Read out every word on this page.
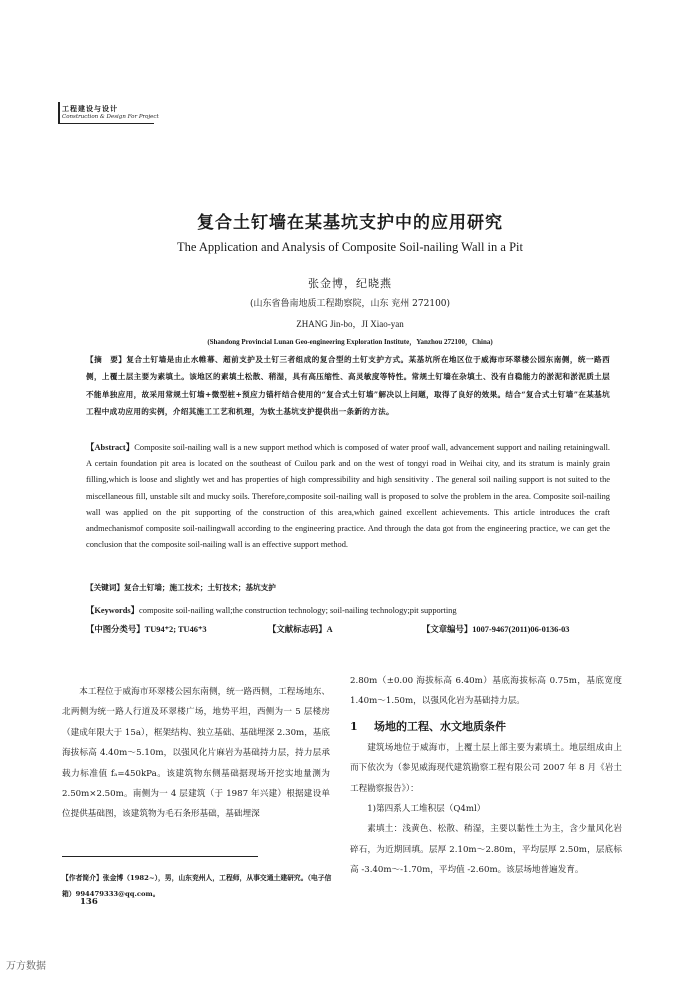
工程建设与设计
Construction & Design For Project
复合土钉墙在某基坑支护中的应用研究
The Application and Analysis of Composite Soil-nailing Wall in a Pit
张金博，纪晓燕
(山东省鲁南地质工程勘察院，山东 兖州 272100)
ZHANG Jin-bo，JI Xiao-yan
(Shandong Provincial Lunan Geo-engineering Exploration Institute，Yanzhou 272100，China)
【摘　要】复合土钉墙是由止水帷幕、超前支护及土钉三者组成的复合型的土钉支护方式。某基坑所在地区位于威海市环翠楼公园东南侧，统一路西侧，上覆土层主要为素填土。该地区的素填土松散、稍湿，具有高压缩性、高灵敏度等特性。常规土钉墙在杂填土、没有自稳能力的淤泥和淤泥质土层不能单独应用，故采用常规土钉墙+微型桩+预应力锚杆结合使用的“复合式土钉墙”解决以上问题，取得了良好的效果。结合“复合式土钉墙”在某基坑工程中成功应用的实例，介绍其施工工艺和机理，为软土基坑支护提供出一条新的方法。
【Abstract】Composite soil-nailing wall is a new support method which is composed of water proof wall, advancement support and nailing retainingwall. A certain foundation pit area is located on the southeast of Cuilou park and on the west of tongyi road in Weihai city, and its stratum is mainly grain filling,which is loose and slightly wet and has properties of high compressibility and high sensitivity . The general soil nailing support is not suited to the miscellaneous fill, unstable silt and mucky soils. Therefore,composite soil-nailing wall is proposed to solve the problem in the area. Composite soil-nailing wall was applied on the pit supporting of the construction of this area,which gained excellent achievements. This article introduces the craft andmechanismof composite soil-nailingwall according to the engineering practice. And through the data got from the engineering practice, we can get the conclusion that the composite soil-nailing wall is an effective support method.
【关键词】复合土钉墙；施工技术；土钉技术；基坑支护
【Keywords】composite soil-nailing wall;the construction technology; soil-nailing technology;pit supporting
【中图分类号】TU94⁺2; TU46⁺3	【文献标志码】A	【文章编号】1007-9467(2011)06-0136-03

本工程位于威海市环翠楼公园东南侧，统一路西侧，工程场地东、北两侧为统一路人行道及环翠楼广场，地势平坦，西侧为一 5 层楼房（建成年限大于 15a），框架结构、独立基础、基础埋深 2.30m，基底海拔标高 4.40m～5.10m，以强风化片麻岩为基础持力层，持力层承载力标准值 fₐ=450kPa。该建筑物东侧基础据现场开挖实地量测为 2.50m×2.50m。南侧为一 4 层建筑（于 1987 年兴建）根据建设单位提供基础图，该建筑物为毛石条形基础，基础埋深

2.80m（±0.00 海拔标高 6.40m）基底海拔标高 0.75m，基底宽度 1.40m～1.50m，以强风化岩为基础持力层。

1 场地的工程、水文地质条件

建筑场地位于威海市，上覆土层上部主要为素填土。地层组成由上而下依次为（参见威海现代建筑勘察工程有限公司 2007 年 8 月《岩土工程勘察报告》）：

1)第四系人工堆积层（Q4ml）

素填土：浅黄色、松散、稍湿，主要以黏性土为主，含少量风化岩碎石，为近期回填。层厚 2.10m～2.80m，平均层厚 2.50m，层底标高 -3.40m～-1.70m，平均值 -2.60m。该层场地普遍发育。

【作者简介】张金博（1982~），男，山东兖州人，工程师，从事交通土建研究。（电子信箱）994479333@qq.com。
136
万方数据
